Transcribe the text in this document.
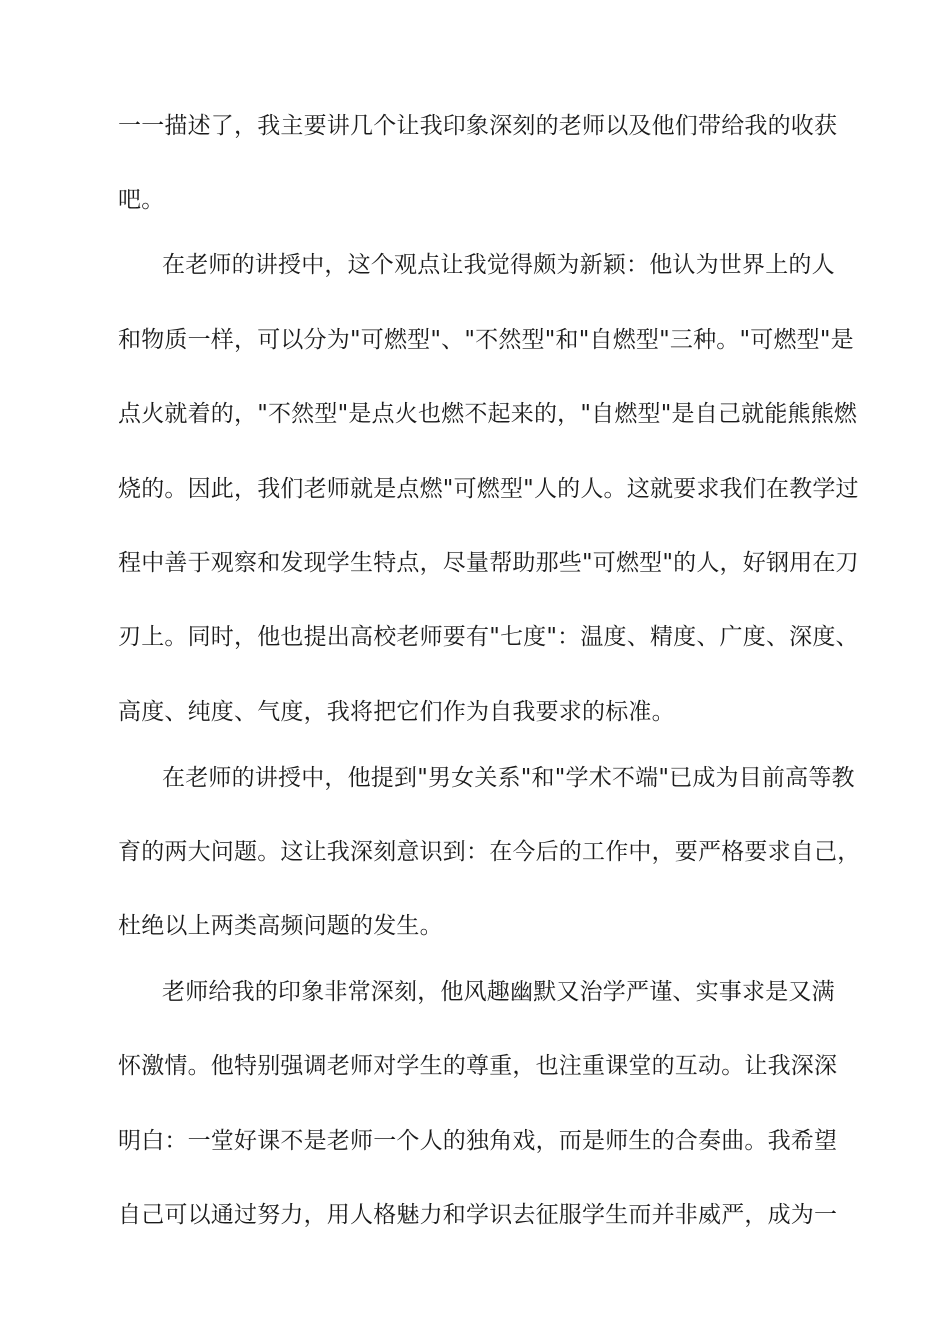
一一描述了，我主要讲几个让我印象深刻的老师以及他们带给我的收获
吧。
在老师的讲授中，这个观点让我觉得颇为新颖：他认为世界上的人
和物质一样，可以分为"可燃型"、"不然型"和"自燃型"三种。"可燃型"是
点火就着的，"不然型"是点火也燃不起来的，"自燃型"是自己就能熊熊燃
烧的。因此，我们老师就是点燃"可燃型"人的人。这就要求我们在教学过
程中善于观察和发现学生特点，尽量帮助那些"可燃型"的人，好钢用在刀
刃上。同时，他也提出高校老师要有"七度"：温度、精度、广度、深度、
高度、纯度、气度，我将把它们作为自我要求的标准。
在老师的讲授中，他提到"男女关系"和"学术不端"已成为目前高等教
育的两大问题。这让我深刻意识到：在今后的工作中，要严格要求自己，
杜绝以上两类高频问题的发生。
老师给我的印象非常深刻，他风趣幽默又治学严谨、实事求是又满
怀激情。他特别强调老师对学生的尊重，也注重课堂的互动。让我深深
明白：一堂好课不是老师一个人的独角戏，而是师生的合奏曲。我希望
自己可以通过努力，用人格魅力和学识去征服学生而并非威严，成为一
